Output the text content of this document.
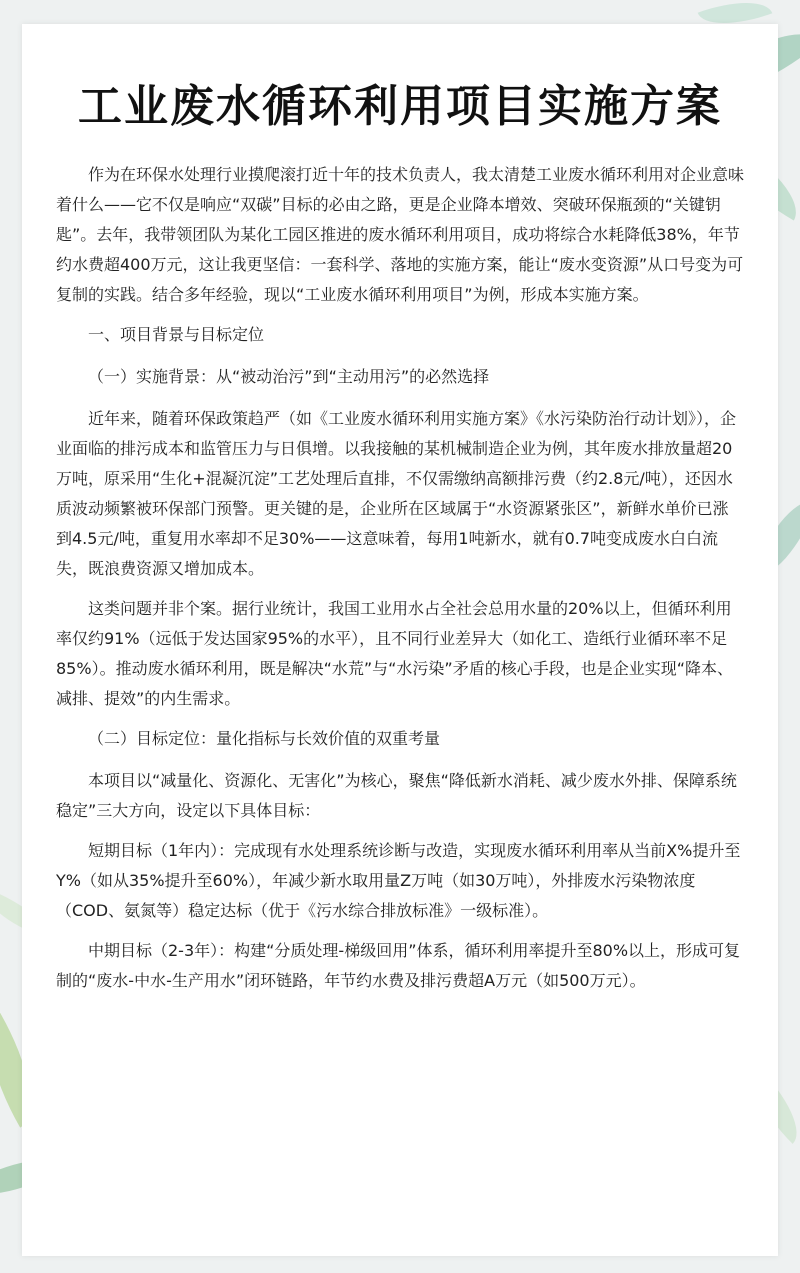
工业废水循环利用项目实施方案

作为在环保水处理行业摸爬滚打近十年的技术负责人，我太清楚工业废水循环利用对企业意味着什么——它不仅是响应“双碳”目标的必由之路，更是企业降本增效、突破环保瓶颈的“关键钥匙”。去年，我带领团队为某化工园区推进的废水循环利用项目，成功将综合水耗降低38%，年节约水费超400万元，这让我更坚信：一套科学、落地的实施方案，能让“废水变资源”从口号变为可复制的实践。结合多年经验，现以“工业废水循环利用项目”为例，形成本实施方案。

一、项目背景与目标定位

（一）实施背景：从“被动治污”到“主动用污”的必然选择

近年来，随着环保政策趋严（如《工业废水循环利用实施方案》《水污染防治行动计划》），企业面临的排污成本和监管压力与日俱增。以我接触的某机械制造企业为例，其年废水排放量超20万吨，原采用“生化+混凝沉淀”工艺处理后直排，不仅需缴纳高额排污费（约2.8元/吨），还因水质波动频繁被环保部门预警。更关键的是，企业所在区域属于“水资源紧张区”，新鲜水单价已涨到4.5元/吨，重复用水率却不足30%——这意味着，每用1吨新水，就有0.7吨变成废水白白流失，既浪费资源又增加成本。

这类问题并非个案。据行业统计，我国工业用水占全社会总用水量的20%以上，但循环利用率仅约91%（远低于发达国家95%的水平），且不同行业差异大（如化工、造纸行业循环率不足85%）。推动废水循环利用，既是解决“水荒”与“水污染”矛盾的核心手段，也是企业实现“降本、减排、提效”的内生需求。

（二）目标定位：量化指标与长效价值的双重考量

本项目以“减量化、资源化、无害化”为核心，聚焦“降低新水消耗、减少废水外排、保障系统稳定”三大方向，设定以下具体目标：

短期目标（1年内）：完成现有水处理系统诊断与改造，实现废水循环利用率从当前X%提升至Y%（如从35%提升至60%），年减少新水取用量Z万吨（如30万吨），外排废水污染物浓度（COD、氨氮等）稳定达标（优于《污水综合排放标准》一级标准）。

中期目标（2-3年）：构建“分质处理-梯级回用”体系，循环利用率提升至80%以上，形成可复制的“废水-中水-生产用水”闭环链路，年节约水费及排污费超A万元（如500万元）。
